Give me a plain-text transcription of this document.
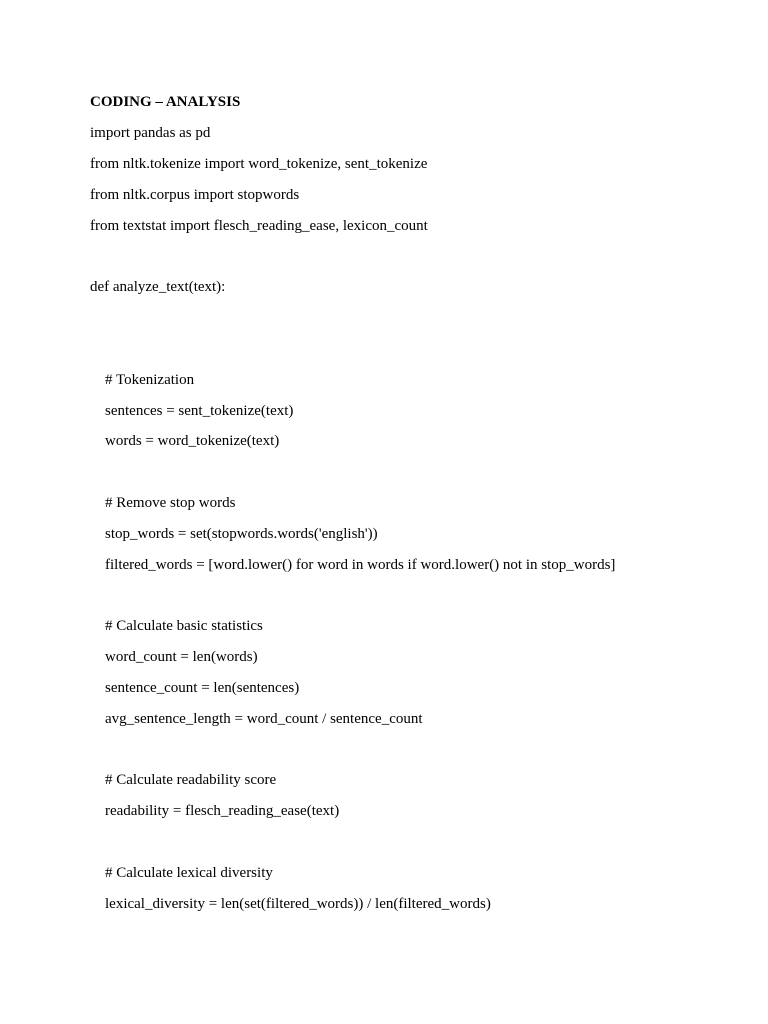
CODING – ANALYSIS

import pandas as pd

from nltk.tokenize import word_tokenize, sent_tokenize

from nltk.corpus import stopwords

from textstat import flesch_reading_ease, lexicon_count

def analyze_text(text):

# Tokenization

sentences = sent_tokenize(text)

words = word_tokenize(text)

# Remove stop words

stop_words = set(stopwords.words('english'))

filtered_words = [word.lower() for word in words if word.lower() not in stop_words]

# Calculate basic statistics

word_count = len(words)

sentence_count = len(sentences)

avg_sentence_length = word_count / sentence_count

# Calculate readability score

readability = flesch_reading_ease(text)

# Calculate lexical diversity

lexical_diversity = len(set(filtered_words)) / len(filtered_words)
